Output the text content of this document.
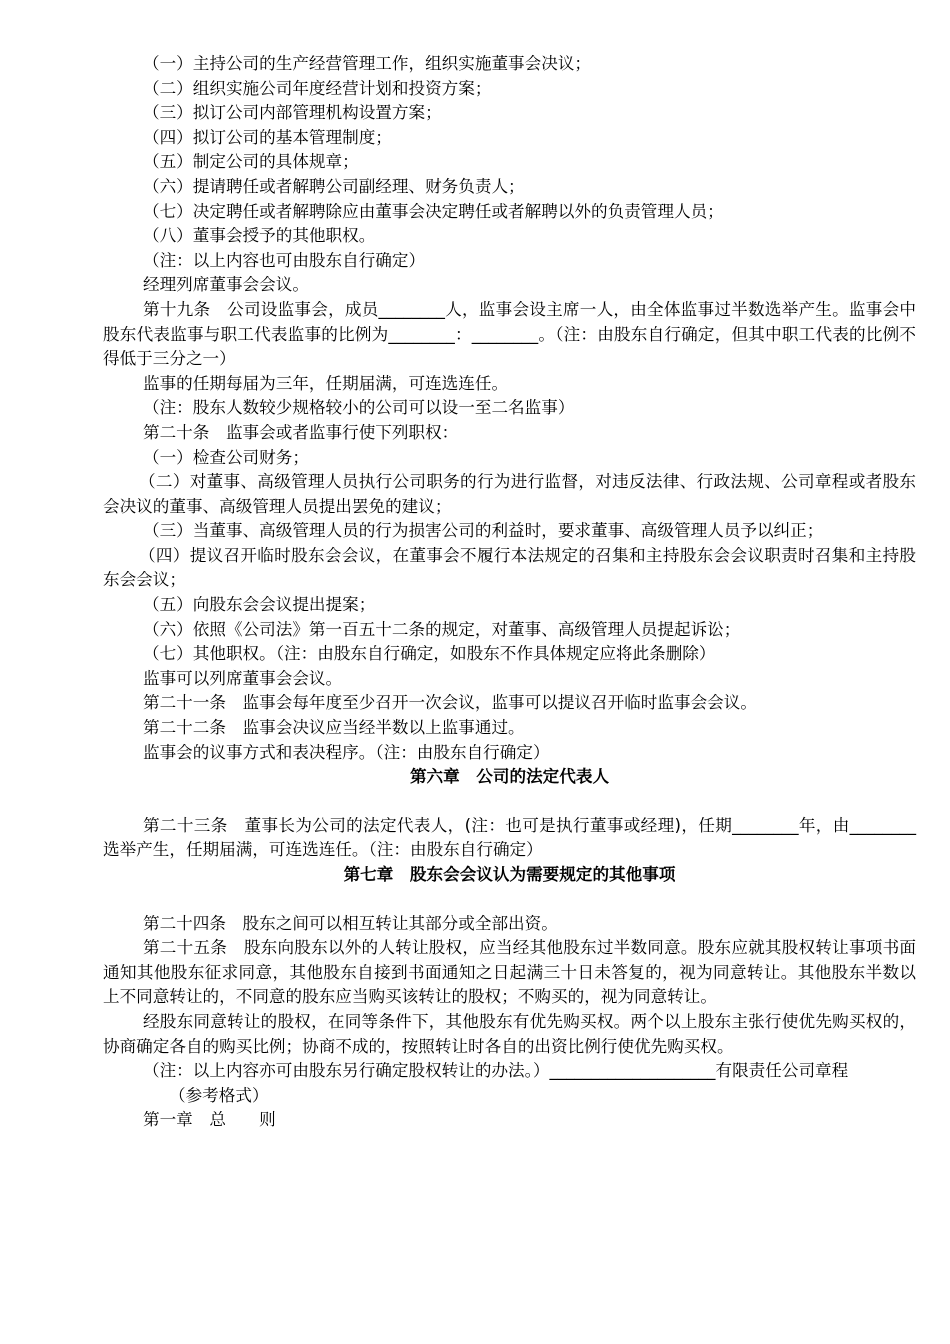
（一）主持公司的生产经营管理工作，组织实施董事会决议；
（二）组织实施公司年度经营计划和投资方案；
（三）拟订公司内部管理机构设置方案；
（四）拟订公司的基本管理制度；
（五）制定公司的具体规章；
（六）提请聘任或者解聘公司副经理、财务负责人；
（七）决定聘任或者解聘除应由董事会决定聘任或者解聘以外的负责管理人员；
（八）董事会授予的其他职权。
（注：以上内容也可由股东自行确定）
经理列席董事会会议。
第十九条　公司设监事会，成员________人，监事会设主席一人，由全体监事过半数选举产生。监事会中股东代表监事与职工代表监事的比例为________：________。（注：由股东自行确定，但其中职工代表的比例不得低于三分之一）
监事的任期每届为三年，任期届满，可连选连任。
（注：股东人数较少规格较小的公司可以设一至二名监事）
第二十条　监事会或者监事行使下列职权：
（一）检查公司财务；
（二）对董事、高级管理人员执行公司职务的行为进行监督，对违反法律、行政法规、公司章程或者股东会决议的董事、高级管理人员提出罢免的建议；
（三）当董事、高级管理人员的行为损害公司的利益时，要求董事、高级管理人员予以纠正；
（四）提议召开临时股东会会议，在董事会不履行本法规定的召集和主持股东会会议职责时召集和主持股东会会议；
（五）向股东会会议提出提案；
（六）依照《公司法》第一百五十二条的规定，对董事、高级管理人员提起诉讼；
（七）其他职权。（注：由股东自行确定，如股东不作具体规定应将此条删除）
监事可以列席董事会会议。
第二十一条　监事会每年度至少召开一次会议，监事可以提议召开临时监事会会议。
第二十二条　监事会决议应当经半数以上监事通过。
监事会的议事方式和表决程序。（注：由股东自行确定）
第六章　公司的法定代表人
第二十三条　董事长为公司的法定代表人，(注：也可是执行董事或经理)，任期________年，由________选举产生，任期届满，可连选连任。（注：由股东自行确定）
第七章　股东会会议认为需要规定的其他事项
第二十四条　股东之间可以相互转让其部分或全部出资。
第二十五条　股东向股东以外的人转让股权，应当经其他股东过半数同意。股东应就其股权转让事项书面通知其他股东征求同意，其他股东自接到书面通知之日起满三十日未答复的，视为同意转让。其他股东半数以上不同意转让的，不同意的股东应当购买该转让的股权；不购买的，视为同意转让。
经股东同意转让的股权，在同等条件下，其他股东有优先购买权。两个以上股东主张行使优先购买权的，协商确定各自的购买比例；协商不成的，按照转让时各自的出资比例行使优先购买权。
（注：以上内容亦可由股东另行确定股权转让的办法。）____________________有限责任公司章程
（参考格式）
第一章　总　　则
